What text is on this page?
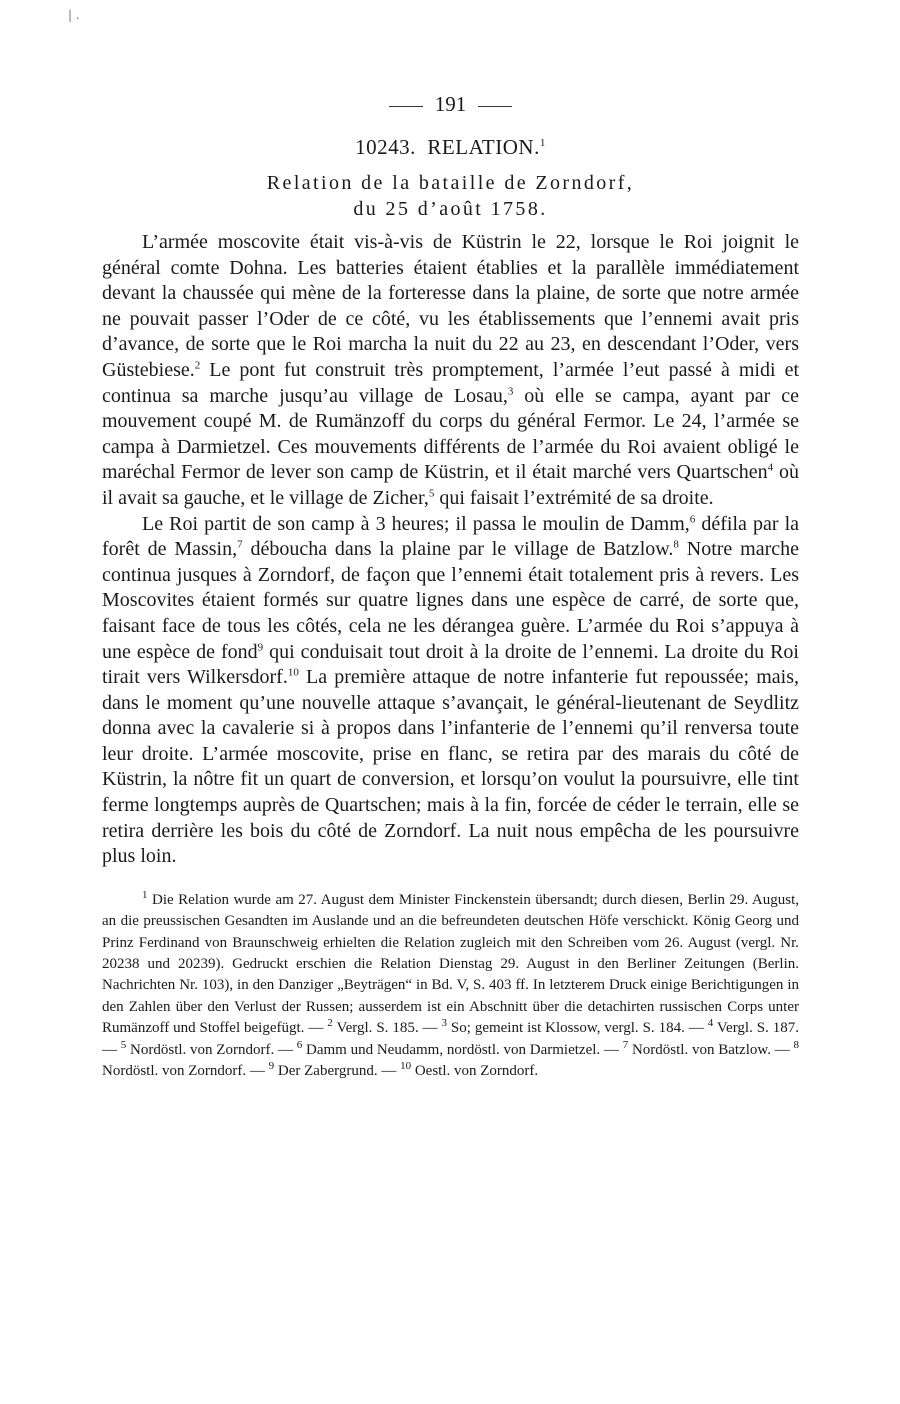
| .
191
10243. RELATION.$^1$
Relation de la bataille de Zorndorf,
du 25 d’août 1758.

L’armée moscovite était vis-à-vis de Küstrin le 22, lorsque le Roi joignit le général comte Dohna. Les batteries étaient établies et la parallèle immédiatement devant la chaussée qui mène de la forteresse dans la plaine, de sorte que notre armée ne pouvait passer l’Oder de ce côté, vu les établissements que l’ennemi avait pris d’avance, de sorte que le Roi marcha la nuit du 22 au 23, en descendant l’Oder, vers Güstebiese.$^2$ Le pont fut construit très promptement, l’armée l’eut passé à midi et continua sa marche jusqu’au village de Losau,$^3$ où elle se campa, ayant par ce mouvement coupé M. de Rumänzoff du corps du général Fermor. Le 24, l’armée se campa à Darmietzel. Ces mouvements différents de l’armée du Roi avaient obligé le maréchal Fermor de lever son camp de Küstrin, et il était marché vers Quartschen$^4$ où il avait sa gauche, et le village de Zicher,$^5$ qui faisait l’extrémité de sa droite.

Le Roi partit de son camp à 3 heures; il passa le moulin de Damm,$^6$ défila par la forêt de Massin,$^7$ déboucha dans la plaine par le village de Batzlow.$^8$ Notre marche continua jusques à Zorndorf, de façon que l’ennemi était totalement pris à revers. Les Moscovites étaient formés sur quatre lignes dans une espèce de carré, de sorte que, faisant face de tous les côtés, cela ne les dérangea guère. L’armée du Roi s’appuya à une espèce de fond$^9$ qui conduisait tout droit à la droite de l’ennemi. La droite du Roi tirait vers Wilkersdorf.$^{10}$ La première attaque de notre infanterie fut repoussée; mais, dans le moment qu’une nouvelle attaque s’avançait, le général-lieutenant de Seydlitz donna avec la cavalerie si à propos dans l’infanterie de l’ennemi qu’il renversa toute leur droite. L’armée moscovite, prise en flanc, se retira par des marais du côté de Küstrin, la nôtre fit un quart de conversion, et lorsqu’on voulut la poursuivre, elle tint ferme longtemps auprès de Quartschen; mais à la fin, forcée de céder le terrain, elle se retira derrière les bois du côté de Zorndorf. La nuit nous empêcha de les poursuivre plus loin.

$^1$ Die Relation wurde am 27. August dem Minister Finckenstein übersandt; durch diesen, Berlin 29. August, an die preussischen Gesandten im Auslande und an die befreundeten deutschen Höfe verschickt. König Georg und Prinz Ferdinand von Braunschweig erhielten die Relation zugleich mit den Schreiben vom 26. August (vergl. Nr. 20238 und 20239). Gedruckt erschien die Relation Dienstag 29. August in den Berliner Zeitungen (Berlin. Nachrichten Nr. 103), in den Danziger „Beyträgen“ in Bd. V, S. 403 ff. In letzterem Druck einige Berichtigungen in den Zahlen über den Verlust der Russen; ausserdem ist ein Abschnitt über die detachirten russischen Corps unter Rumänzoff und Stoffel beigefügt. — $^2$ Vergl. S. 185. — $^3$ So; gemeint ist Klossow, vergl. S. 184. — $^4$ Vergl. S. 187. — $^5$ Nordöstl. von Zorndorf. — $^6$ Damm und Neudamm, nordöstl. von Darmietzel. — $^7$ Nordöstl. von Batzlow. — $^8$ Nordöstl. von Zorndorf. — $^9$ Der Zabergrund. — $^{10}$ Oestl. von Zorndorf.
